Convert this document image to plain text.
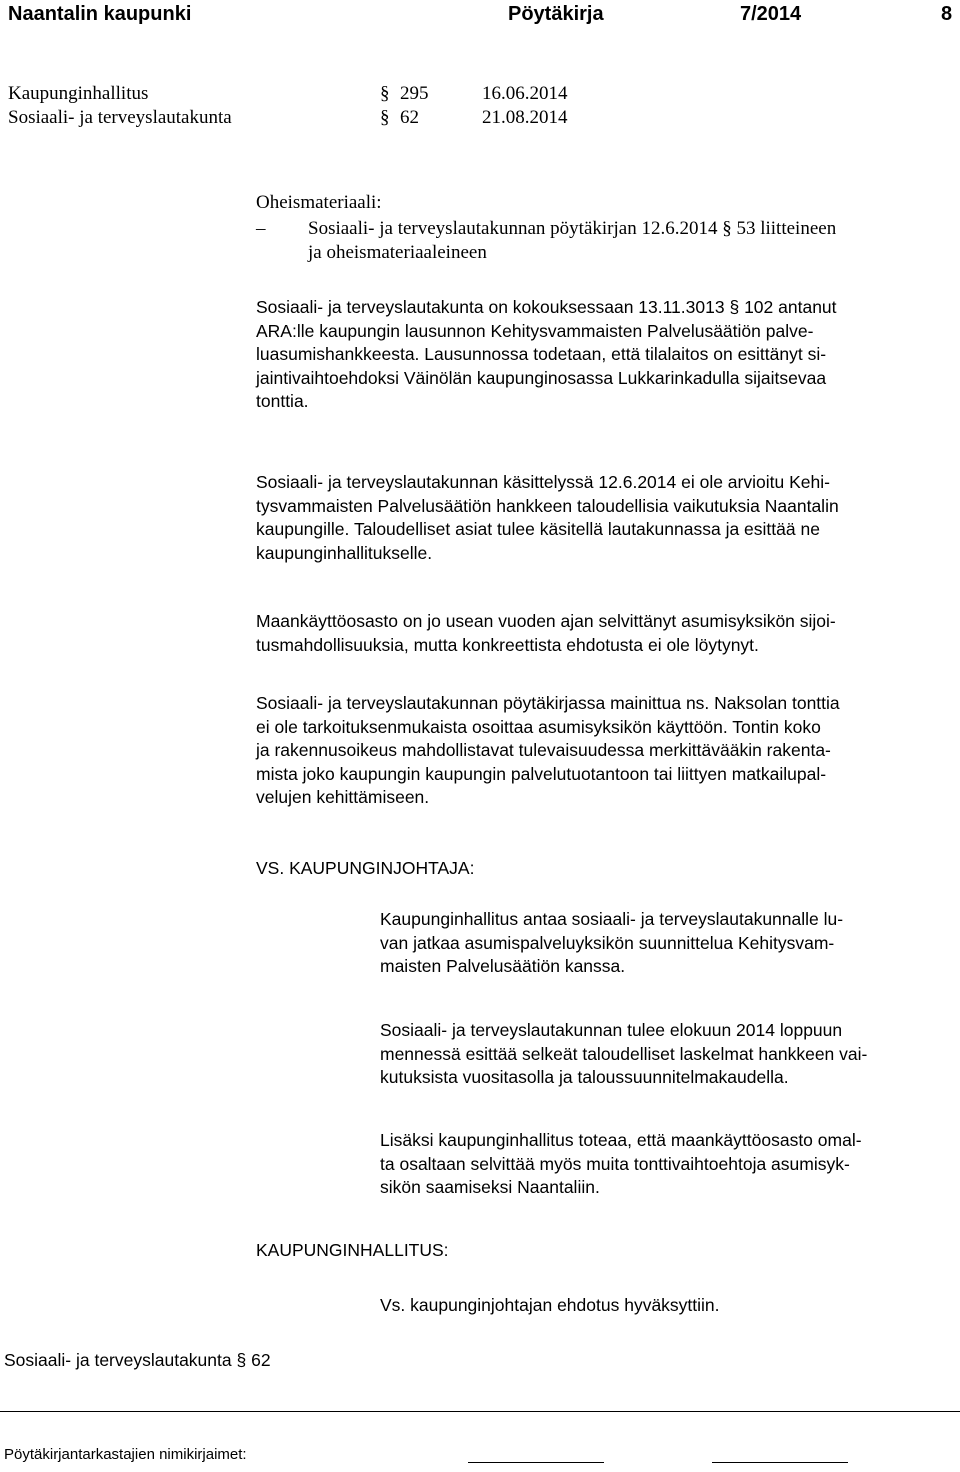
Naantalin kaupunki	Pöytäkirja	7/2014	8
Kaupunginhallitus	§ 295	16.06.2014
Sosiaali- ja terveyslautakunta	§ 62	21.08.2014
Oheismateriaali:
– Sosiaali- ja terveyslautakunnan pöytäkirjan 12.6.2014 § 53 liitteineen
ja oheismateriaaleineen
Sosiaali- ja terveyslautakunta on kokouksessaan 13.11.3013 § 102 antanut
ARA:lle kaupungin lausunnon Kehitysvammaisten Palvelusäätiön palve-
luasumishankkeesta. Lausunnossa todetaan, että tilalaitos on esittänyt si-
jaintivaihtoehdoksi Väinölän kaupunginosassa Lukkarinkadulla sijaitsevaa
tonttia.
Sosiaali- ja terveyslautakunnan käsittelyssä 12.6.2014 ei ole arvioitu Kehi-
tysvammaisten Palvelusäätiön hankkeen taloudellisia vaikutuksia Naantalin
kaupungille. Taloudelliset asiat tulee käsitellä lautakunnassa ja esittää ne
kaupunginhallitukselle.
Maankäyttöosasto on jo usean vuoden ajan selvittänyt asumisyksikön sijoi-
tusmahdollisuuksia, mutta konkreettista ehdotusta ei ole löytynyt.
Sosiaali- ja terveyslautakunnan pöytäkirjassa mainittua ns. Naksolan tonttia
ei ole tarkoituksenmukaista osoittaa asumisyksikön käyttöön. Tontin koko
ja rakennusoikeus mahdollistavat tulevaisuudessa merkittävääkin rakenta-
mista joko kaupungin kaupungin palvelutuotantoon tai liittyen matkailupal-
velujen kehittämiseen.
VS. KAUPUNGINJOHTAJA:
Kaupunginhallitus antaa sosiaali- ja terveyslautakunnalle lu-
van jatkaa asumispalveluyksikön suunnittelua Kehitysvam-
maisten Palvelusäätiön kanssa.
Sosiaali- ja terveyslautakunnan tulee elokuun 2014 loppuun
mennessä esittää selkeät taloudelliset laskelmat hankkeen vai-
kutuksista vuositasolla ja taloussuunnitelmakaudella.
Lisäksi kaupunginhallitus toteaa, että maankäyttöosasto omal-
ta osaltaan selvittää myös muita tonttivaihtoehtoja asumisyk-
sikön saamiseksi Naantaliin.
KAUPUNGINHALLITUS:
Vs. kaupunginjohtajan ehdotus hyväksyttiin.
Sosiaali- ja terveyslautakunta § 62
Pöytäkirjantarkastajien nimikirjaimet:
